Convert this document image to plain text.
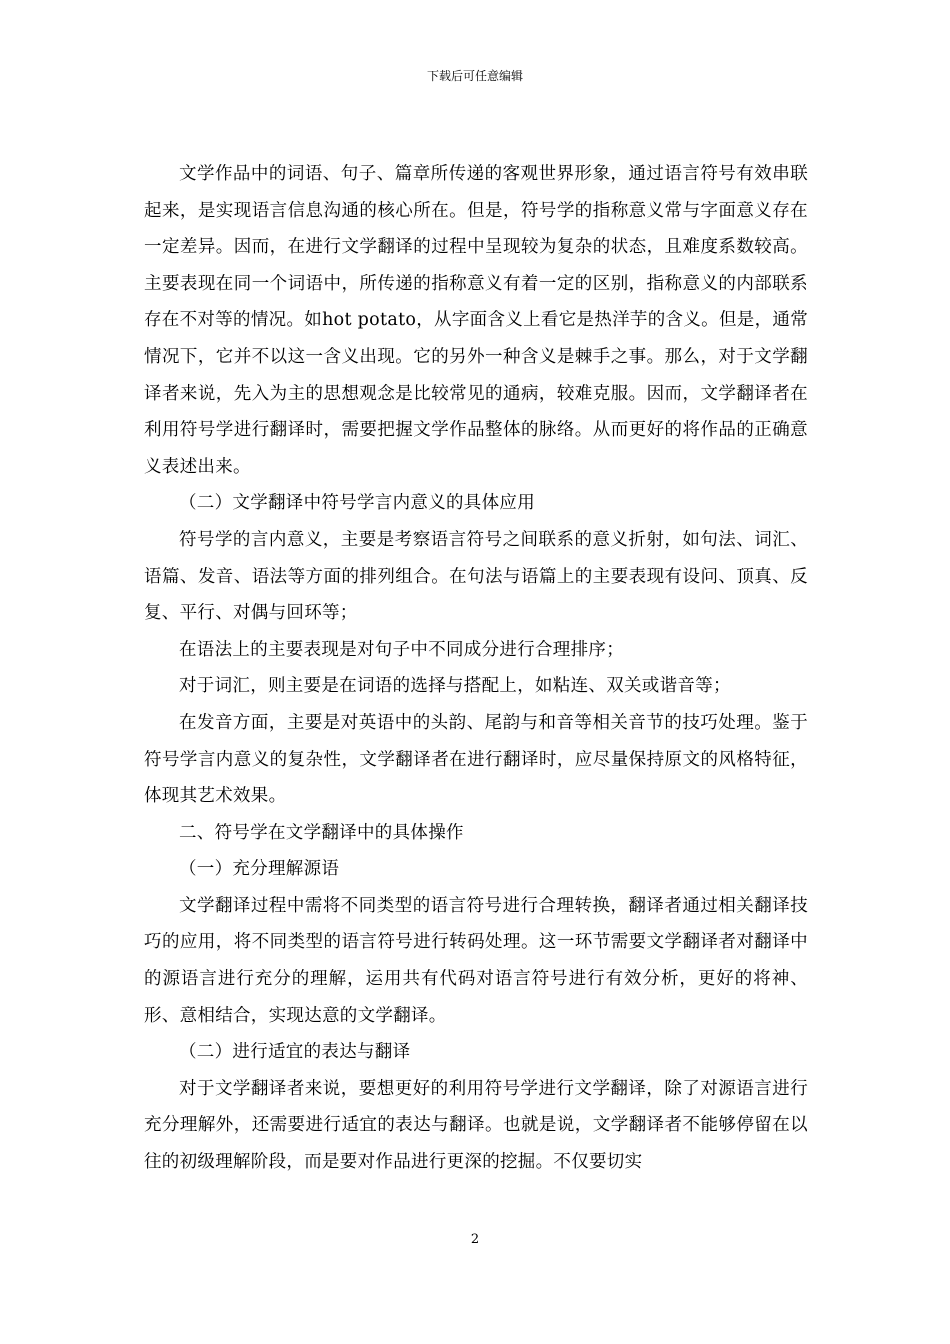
下载后可任意编辑

文学作品中的词语、句子、篇章所传递的客观世界形象，通过语言符号有效串联起来，是实现语言信息沟通的核心所在。但是，符号学的指称意义常与字面意义存在一定差异。因而，在进行文学翻译的过程中呈现较为复杂的状态，且难度系数较高。主要表现在同一个词语中，所传递的指称意义有着一定的区别，指称意义的内部联系存在不对等的情况。如hot potato，从字面含义上看它是热洋芋的含义。但是，通常情况下，它并不以这一含义出现。它的另外一种含义是棘手之事。那么，对于文学翻译者来说，先入为主的思想观念是比较常见的通病，较难克服。因而，文学翻译者在利用符号学进行翻译时，需要把握文学作品整体的脉络。从而更好的将作品的正确意义表述出来。

（二）文学翻译中符号学言内意义的具体应用

符号学的言内意义，主要是考察语言符号之间联系的意义折射，如句法、词汇、语篇、发音、语法等方面的排列组合。在句法与语篇上的主要表现有设问、顶真、反复、平行、对偶与回环等；

在语法上的主要表现是对句子中不同成分进行合理排序；

对于词汇，则主要是在词语的选择与搭配上，如粘连、双关或谐音等；

在发音方面，主要是对英语中的头韵、尾韵与和音等相关音节的技巧处理。鉴于符号学言内意义的复杂性，文学翻译者在进行翻译时，应尽量保持原文的风格特征，体现其艺术效果。

二、符号学在文学翻译中的具体操作

（一）充分理解源语

文学翻译过程中需将不同类型的语言符号进行合理转换，翻译者通过相关翻译技巧的应用，将不同类型的语言符号进行转码处理。这一环节需要文学翻译者对翻译中的源语言进行充分的理解，运用共有代码对语言符号进行有效分析，更好的将神、形、意相结合，实现达意的文学翻译。

（二）进行适宜的表达与翻译

对于文学翻译者来说，要想更好的利用符号学进行文学翻译，除了对源语言进行充分理解外，还需要进行适宜的表达与翻译。也就是说，文学翻译者不能够停留在以往的初级理解阶段，而是要对作品进行更深的挖掘。不仅要切实

2
